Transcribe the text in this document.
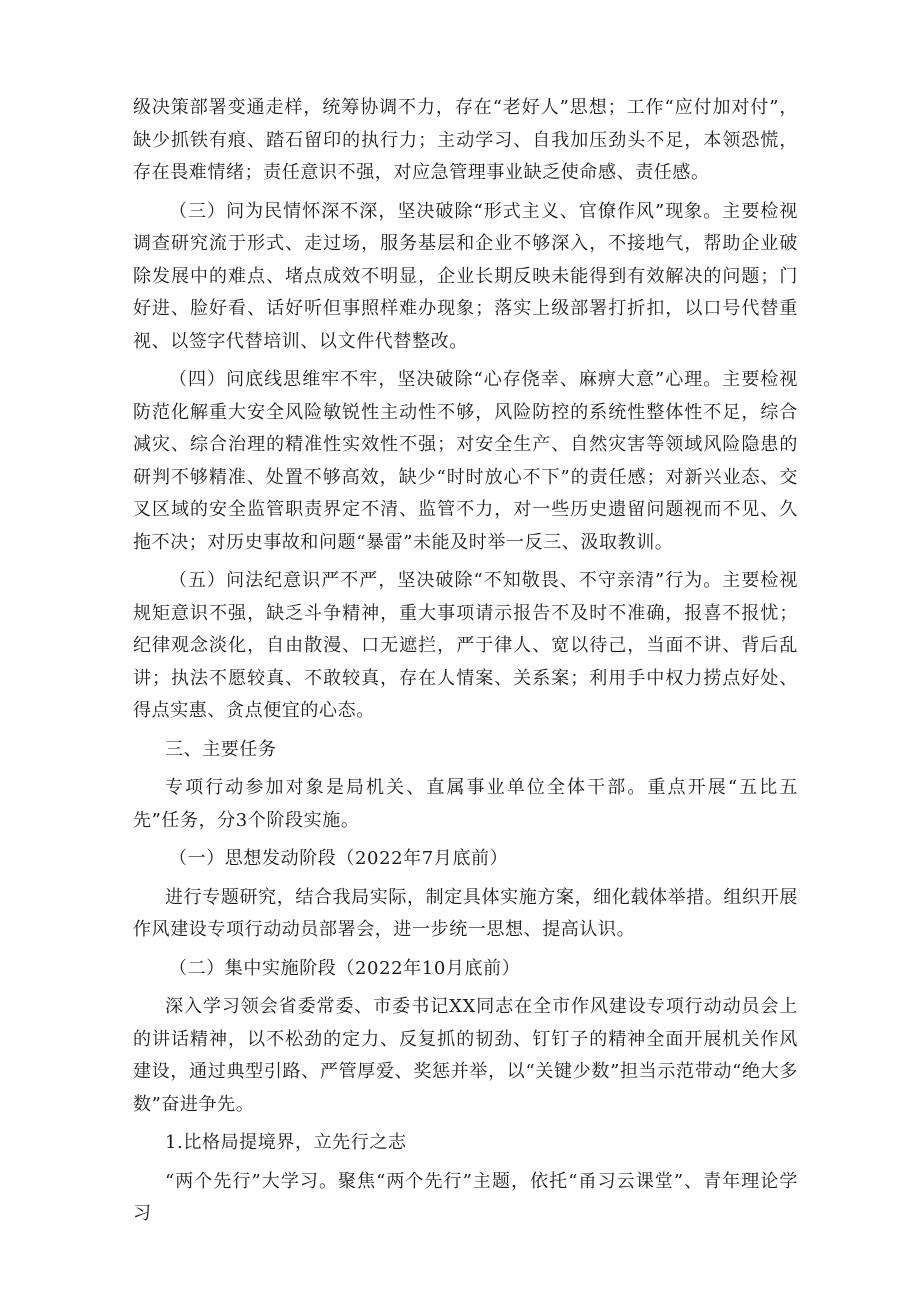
级决策部署变通走样，统筹协调不力，存在“老好人”思想；工作“应付加对付”，缺少抓铁有痕、踏石留印的执行力；主动学习、自我加压劲头不足，本领恐慌，存在畏难情绪；责任意识不强，对应急管理事业缺乏使命感、责任感。

（三）问为民情怀深不深，坚决破除“形式主义、官僚作风”现象。主要检视调查研究流于形式、走过场，服务基层和企业不够深入，不接地气，帮助企业破除发展中的难点、堵点成效不明显，企业长期反映未能得到有效解决的问题；门好进、脸好看、话好听但事照样难办现象；落实上级部署打折扣，以口号代替重视、以签字代替培训、以文件代替整改。

（四）问底线思维牢不牢，坚决破除“心存侥幸、麻痹大意”心理。主要检视防范化解重大安全风险敏锐性主动性不够，风险防控的系统性整体性不足，综合减灾、综合治理的精准性实效性不强；对安全生产、自然灾害等领域风险隐患的研判不够精准、处置不够高效，缺少“时时放心不下”的责任感；对新兴业态、交叉区域的安全监管职责界定不清、监管不力，对一些历史遗留问题视而不见、久拖不决；对历史事故和问题“暴雷”未能及时举一反三、汲取教训。

（五）问法纪意识严不严，坚决破除“不知敬畏、不守亲清”行为。主要检视规矩意识不强，缺乏斗争精神，重大事项请示报告不及时不准确，报喜不报忧；纪律观念淡化，自由散漫、口无遮拦，严于律人、宽以待己，当面不讲、背后乱讲；执法不愿较真、不敢较真，存在人情案、关系案；利用手中权力捞点好处、得点实惠、贪点便宜的心态。

三、主要任务

专项行动参加对象是局机关、直属事业单位全体干部。重点开展“五比五先”任务，分3个阶段实施。

（一）思想发动阶段（2022年7月底前）

进行专题研究，结合我局实际，制定具体实施方案，细化载体举措。组织开展作风建设专项行动动员部署会，进一步统一思想、提高认识。

（二）集中实施阶段（2022年10月底前）

深入学习领会省委常委、市委书记XX同志在全市作风建设专项行动动员会上的讲话精神，以不松劲的定力、反复抓的韧劲、钉钉子的精神全面开展机关作风建设，通过典型引路、严管厚爱、奖惩并举，以“关键少数”担当示范带动“绝大多数”奋进争先。

1.比格局提境界，立先行之志

“两个先行”大学习。聚焦“两个先行”主题，依托“甬习云课堂”、青年理论学习
